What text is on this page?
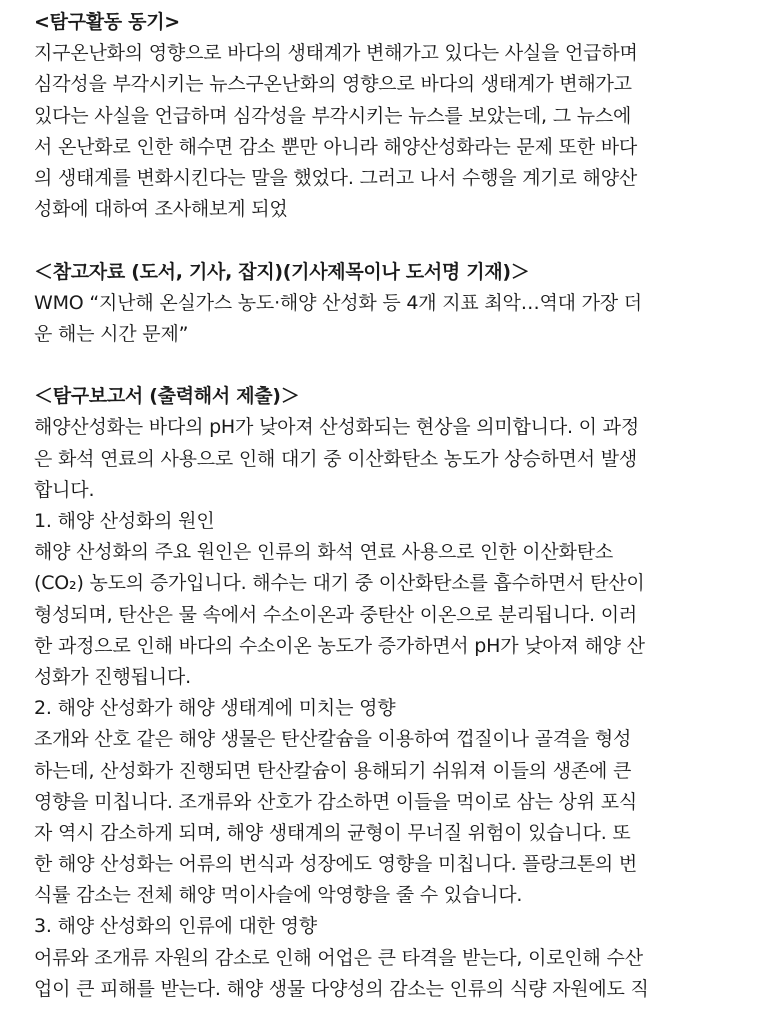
<탐구활동 동기>
지구온난화의 영향으로 바다의 생태계가 변해가고 있다는 사실을 언급하며
심각성을 부각시키는 뉴스구온난화의 영향으로 바다의 생태계가 변해가고
있다는 사실을 언급하며 심각성을 부각시키는 뉴스를 보았는데, 그 뉴스에
서 온난화로 인한 해수면 감소 뿐만 아니라 해양산성화라는 문제 또한 바다
의 생태계를 변화시킨다는 말을 했었다. 그러고 나서 수행을 계기로 해양산
성화에 대하여 조사해보게 되었
＜참고자료 (도서, 기사, 잡지)(기사제목이나 도서명 기재)＞
WMO “지난해 온실가스 농도·해양 산성화 등 4개 지표 최악…역대 가장 더
운 해는 시간 문제”
＜탐구보고서 (출력해서 제출)＞
해양산성화는 바다의 pH가 낮아져 산성화되는 현상을 의미합니다. 이 과정
은 화석 연료의 사용으로 인해 대기 중 이산화탄소 농도가 상승하면서 발생
합니다.
1. 해양 산성화의 원인
해양 산성화의 주요 원인은 인류의 화석 연료 사용으로 인한 이산화탄소
(CO₂) 농도의 증가입니다. 해수는 대기 중 이산화탄소를 흡수하면서 탄산이
형성되며, 탄산은 물 속에서 수소이온과 중탄산 이온으로 분리됩니다. 이러
한 과정으로 인해 바다의 수소이온 농도가 증가하면서 pH가 낮아져 해양 산
성화가 진행됩니다.
2. 해양 산성화가 해양 생태계에 미치는 영향
조개와 산호 같은 해양 생물은 탄산칼슘을 이용하여 껍질이나 골격을 형성
하는데, 산성화가 진행되면 탄산칼슘이 용해되기 쉬워져 이들의 생존에 큰
영향을 미칩니다. 조개류와 산호가 감소하면 이들을 먹이로 삼는 상위 포식
자 역시 감소하게 되며, 해양 생태계의 균형이 무너질 위험이 있습니다. 또
한 해양 산성화는 어류의 번식과 성장에도 영향을 미칩니다. 플랑크톤의 번
식률 감소는 전체 해양 먹이사슬에 악영향을 줄 수 있습니다.
3. 해양 산성화의 인류에 대한 영향
어류와 조개류 자원의 감소로 인해 어업은 큰 타격을 받는다, 이로인해 수산
업이 큰 피해를 받는다. 해양 생물 다양성의 감소는 인류의 식량 자원에도 직
